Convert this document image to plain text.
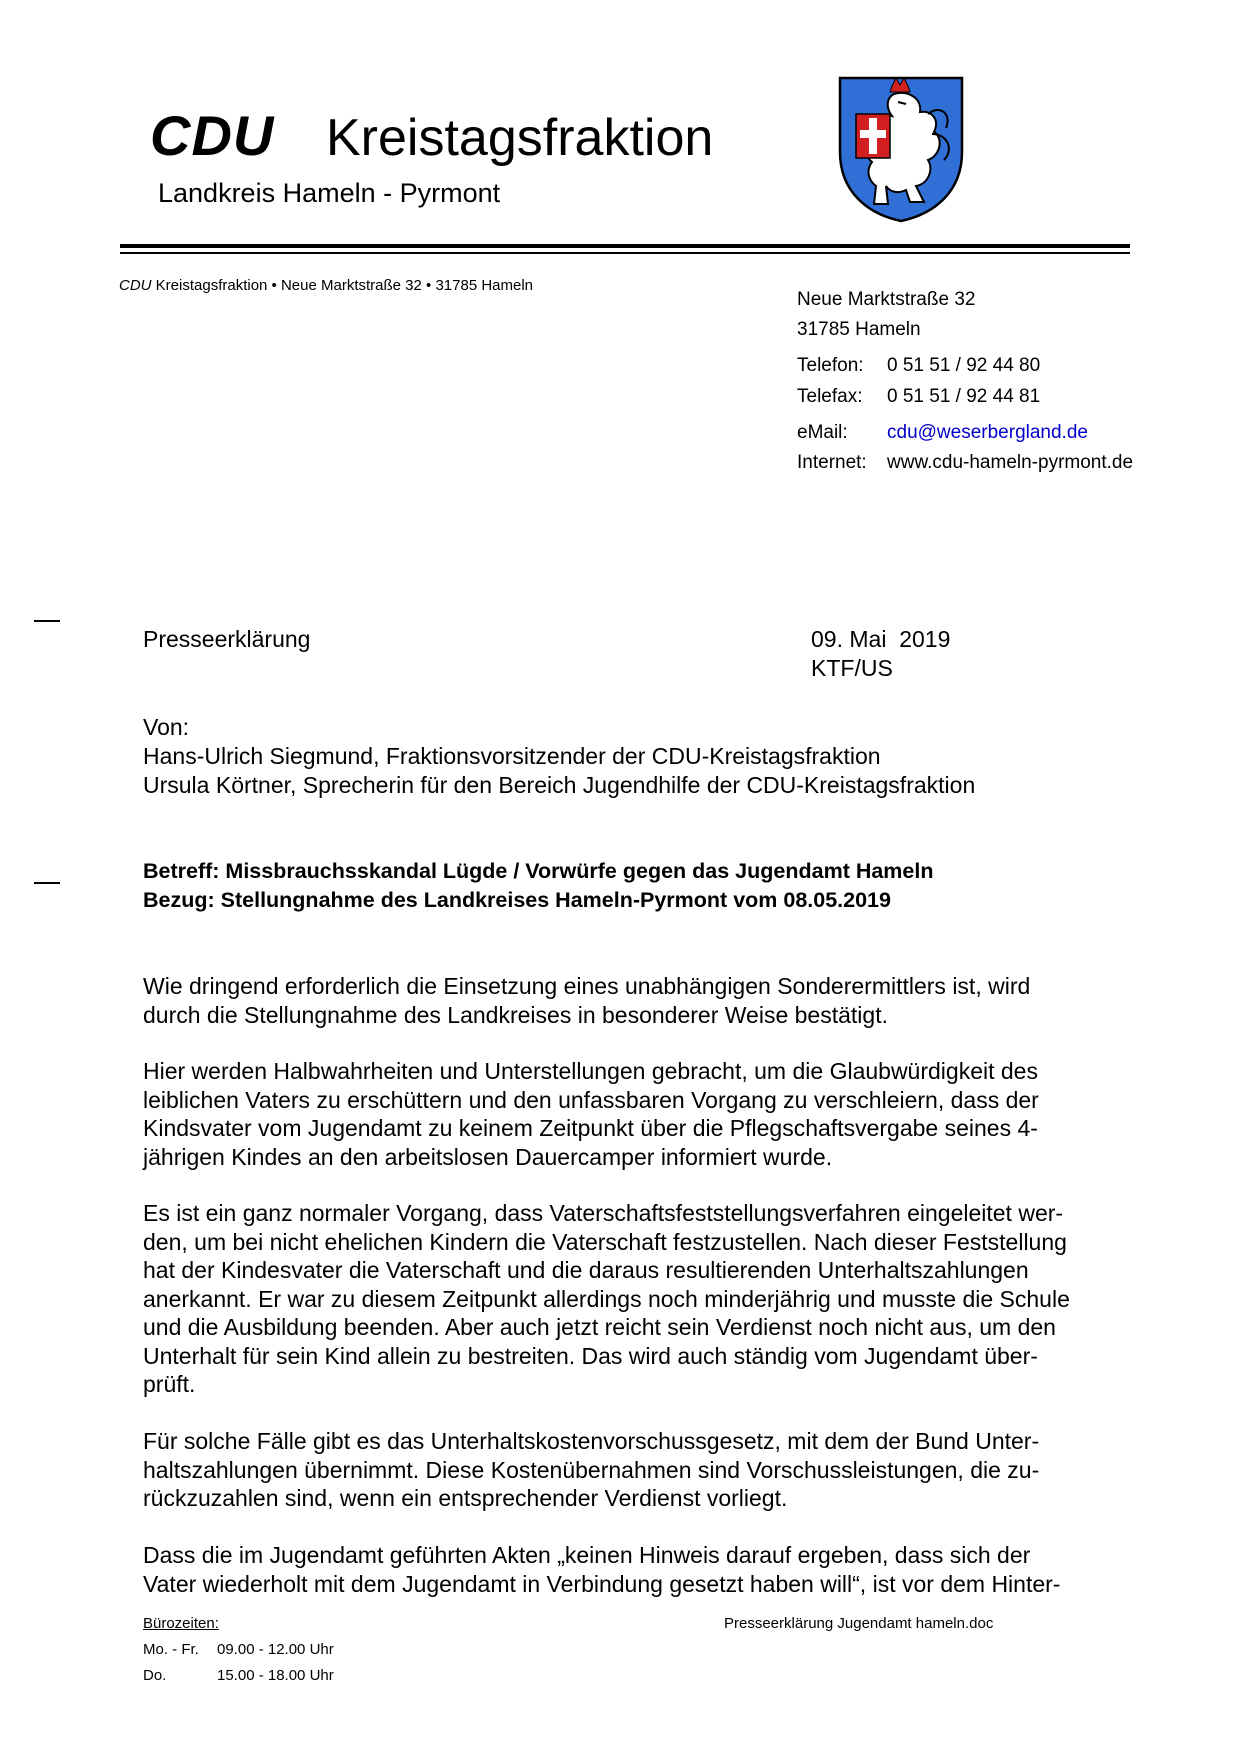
CDU Kreistagsfraktion
Landkreis Hameln - Pyrmont
CDU Kreistagsfraktion • Neue Marktstraße 32 • 31785 Hameln
Neue Marktstraße 32
31785 Hameln
Telefon: 0 51 51 / 92 44 80
Telefax: 0 51 51 / 92 44 81
eMail: cdu@weserbergland.de
Internet: www.cdu-hameln-pyrmont.de
Presseerklärung	09. Mai  2019
KTF/US
Von:
Hans-Ulrich Siegmund, Fraktionsvorsitzender der CDU-Kreistagsfraktion
Ursula Körtner, Sprecherin für den Bereich Jugendhilfe der CDU-Kreistagsfraktion
Betreff: Missbrauchsskandal Lügde / Vorwürfe gegen das Jugendamt Hameln
Bezug: Stellungnahme des Landkreises Hameln-Pyrmont vom 08.05.2019
Wie dringend erforderlich die Einsetzung eines unabhängigen Sonderermittlers ist, wird
durch die Stellungnahme des Landkreises in besonderer Weise bestätigt.
Hier werden Halbwahrheiten und Unterstellungen gebracht, um die Glaubwürdigkeit des
leiblichen Vaters zu erschüttern und den unfassbaren Vorgang zu verschleiern, dass der
Kindsvater vom Jugendamt zu keinem Zeitpunkt über die Pflegschaftsvergabe seines 4-
jährigen Kindes an den arbeitslosen Dauercamper informiert wurde.
Es ist ein ganz normaler Vorgang, dass Vaterschaftsfeststellungsverfahren eingeleitet wer-
den, um bei nicht ehelichen Kindern die Vaterschaft festzustellen. Nach dieser Feststellung
hat der Kindesvater die Vaterschaft und die daraus resultierenden Unterhaltszahlungen
anerkannt. Er war zu diesem Zeitpunkt allerdings noch minderjährig und musste die Schule
und die Ausbildung beenden. Aber auch jetzt reicht sein Verdienst noch nicht aus, um den
Unterhalt für sein Kind allein zu bestreiten. Das wird auch ständig vom Jugendamt über-
prüft.
Für solche Fälle gibt es das Unterhaltskostenvorschussgesetz, mit dem der Bund Unter-
haltszahlungen übernimmt. Diese Kostenübernahmen sind Vorschussleistungen, die zu-
rückzuzahlen sind, wenn ein entsprechender Verdienst vorliegt.
Dass die im Jugendamt geführten Akten „keinen Hinweis darauf ergeben, dass sich der
Vater wiederholt mit dem Jugendamt in Verbindung gesetzt haben will“, ist vor dem Hinter-
Bürozeiten:
Mo. - Fr. 09.00 - 12.00 Uhr
Do.	15.00 - 18.00 Uhr
Presseerklärung Jugendamt hameln.doc
